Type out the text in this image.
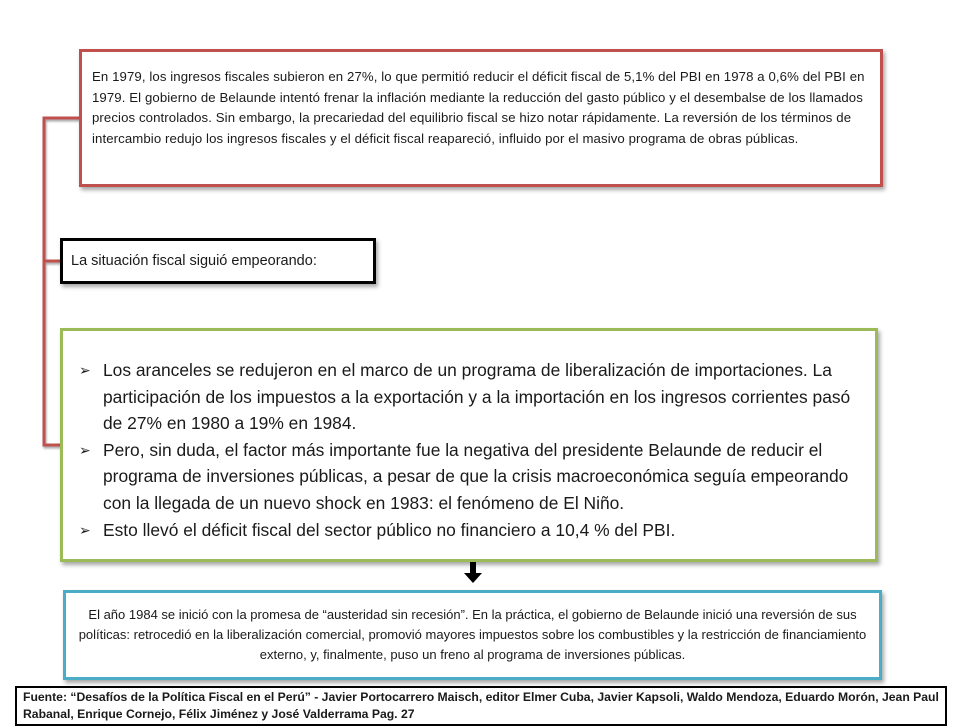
En 1979, los ingresos fiscales subieron en 27%, lo que permitió reducir el déficit fiscal de 5,1% del PBI en 1978 a 0,6% del PBI en 1979. El gobierno de Belaunde intentó frenar la inflación mediante la reducción del gasto público y el desembalse de los llamados precios controlados. Sin embargo, la precariedad del equilibrio fiscal se hizo notar rápidamente. La reversión de los términos de intercambio redujo los ingresos fiscales y el déficit fiscal reapareció, influido por el masivo programa de obras públicas.
La situación fiscal siguió empeorando:
➢ Los aranceles se redujeron en el marco de un programa de liberalización de importaciones. La participación de los impuestos a la exportación y a la importación en los ingresos corrientes pasó de 27% en 1980 a 19% en 1984.
➢ Pero, sin duda, el factor más importante fue la negativa del presidente Belaunde de reducir el programa de inversiones públicas, a pesar de que la crisis macroeconómica seguía empeorando con la llegada de un nuevo shock en 1983: el fenómeno de El Niño.
➢ Esto llevó el déficit fiscal del sector público no financiero a 10,4 % del PBI.
El año 1984 se inició con la promesa de “austeridad sin recesión”. En la práctica, el gobierno de Belaunde inició una reversión de sus políticas: retrocedió en la liberalización comercial, promovió mayores impuestos sobre los combustibles y la restricción de financiamiento externo, y, finalmente, puso un freno al programa de inversiones públicas.
Fuente: “Desafíos de la Política Fiscal en el Perú” - Javier Portocarrero Maisch, editor Elmer Cuba, Javier Kapsoli, Waldo Mendoza, Eduardo Morón, Jean Paul Rabanal, Enrique Cornejo, Félix Jiménez y José Valderrama Pag. 27
